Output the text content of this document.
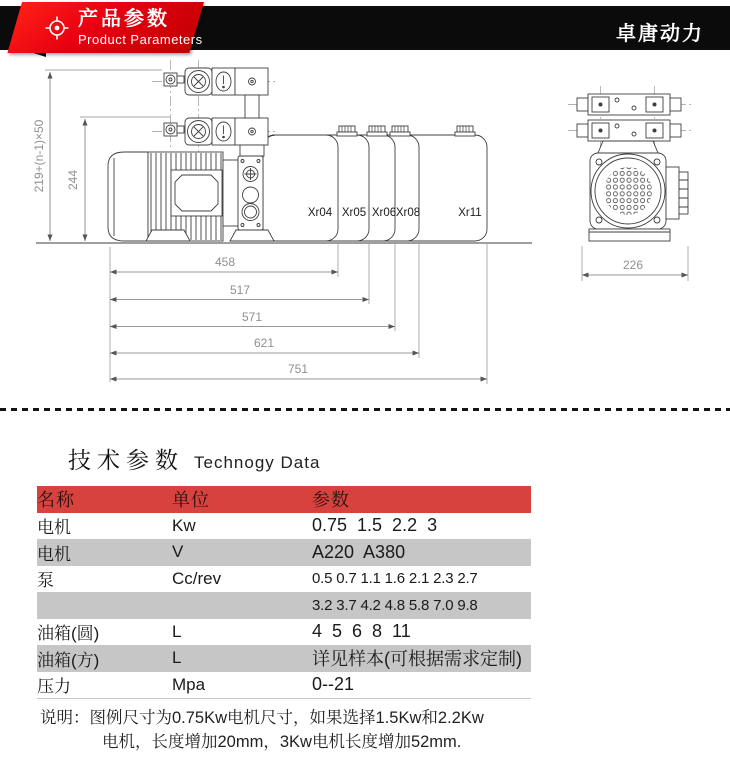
产品参数
Product Parameters	卓唐动力
Xr04 Xr05 Xr06 Xr08	Xr11
219+(n-1)×50 244
458
517
571
621
751
226
技术参数 Technogy Data
名称	单位	参数
电机	Kw	0.75  1.5  2.2  3
电机	V	A220  A380
泵	Cc/rev	0.5 0.7 1.1 1.6 2.1 2.3 2.7
		3.2 3.7 4.2 4.8 5.8 7.0 9.8
油箱(圆)	L	4  5  6  8  11
油箱(方)	L	详见样本(可根据需求定制)
压力	Mpa	0--21
说明：图例尺寸为0.75Kw电机尺寸，如果选择1.5Kw和2.2Kw
电机，长度增加20mm，3Kw电机长度增加52mm.
